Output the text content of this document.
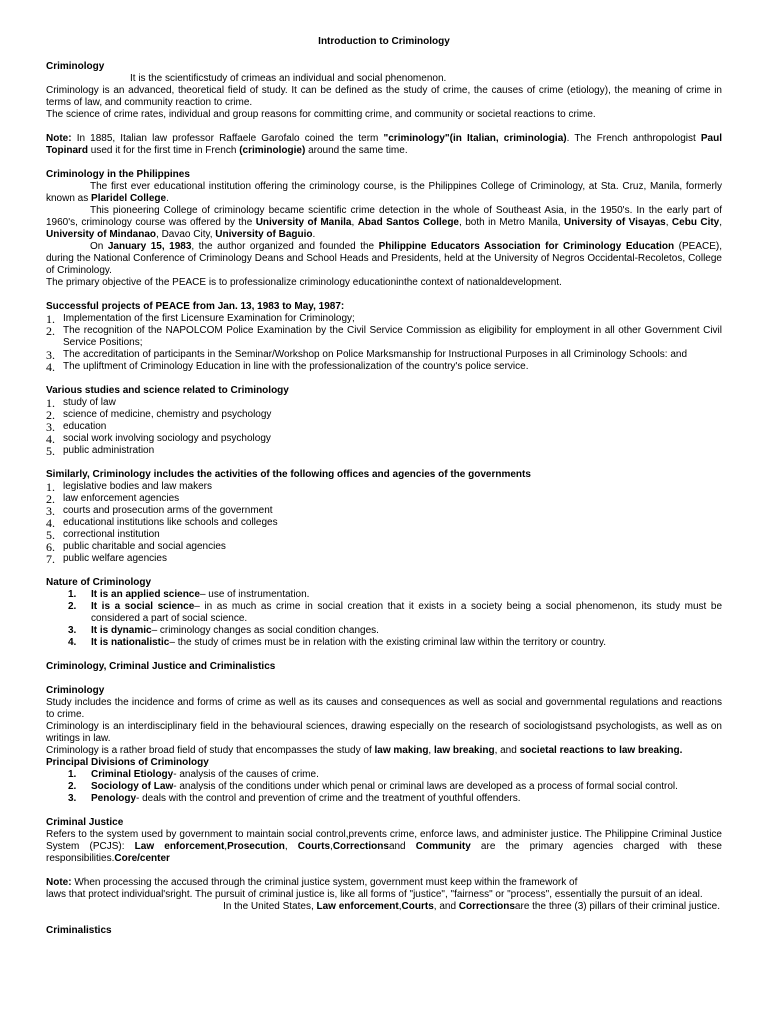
Introduction to Criminology
Criminology

It is the scientificstudy of crimeas an individual and social phenomenon.

Criminology is an advanced, theoretical field of study. It can be defined as the study of crime, the causes of crime (etiology), the meaning of crime in terms of law, and community reaction to crime.

The science of crime rates, individual and group reasons for committing crime, and community or societal reactions to crime.

Note: In 1885, Italian law professor Raffaele Garofalo coined the term "criminology"(in Italian, criminologia). The French anthropologist Paul Topinard used it for the first time in French (criminologie) around the same time.

Criminology in the Philippines

The first ever educational institution offering the criminology course, is the Philippines College of Criminology, at Sta. Cruz, Manila, formerly known as Plaridel College.

This pioneering College of criminology became scientific crime detection in the whole of Southeast Asia, in the 1950's. In the early part of 1960's, criminology course was offered by the University of Manila, Abad Santos College, both in Metro Manila, University of Visayas, Cebu City, University of Mindanao, Davao City, University of Baguio.

On January 15, 1983, the author organized and founded the Philippine Educators Association for Criminology Education (PEACE), during the National Conference of Criminology Deans and School Heads and Presidents, held at the University of Negros Occidental-Recoletos, College of Criminology.

The primary objective of the PEACE is to professionalize criminology educationinthe context of nationaldevelopment.

Successful projects of PEACE from Jan. 13, 1983 to May, 1987:
1. Implementation of the first Licensure Examination for Criminology;
2. The recognition of the NAPOLCOM Police Examination by the Civil Service Commission as eligibility for employment in all other Government Civil Service Positions;
3. The accreditation of participants in the Seminar/Workshop on Police Marksmanship for Instructional Purposes in all Criminology Schools: and
4. The upliftment of Criminology Education in line with the professionalization of the country's police service.
Various studies and science related to Criminology
1. study of law
2. science of medicine, chemistry and psychology
3. education
4. social work involving sociology and psychology
5. public administration
Similarly, Criminology includes the activities of the following offices and agencies of the governments
1. legislative bodies and law makers
2. law enforcement agencies
3. courts and prosecution arms of the government
4. educational institutions like schools and colleges
5. correctional institution
6. public charitable and social agencies
7. public welfare agencies
Nature of Criminology
1. It is an applied science– use of instrumentation.
2. It is a social science– in as much as crime in social creation that it exists in a society being a social phenomenon, its study must be considered a part of social science.
3. It is dynamic– criminology changes as social condition changes.
4. It is nationalistic– the study of crimes must be in relation with the existing criminal law within the territory or country.
Criminology, Criminal Justice and Criminalistics
Criminology

Study includes the incidence and forms of crime as well as its causes and consequences as well as social and governmental regulations and reactions to crime.

Criminology is an interdisciplinary field in the behavioural sciences, drawing especially on the research of sociologistsand psychologists, as well as on writings in law.

Criminology is a rather broad field of study that encompasses the study of law making, law breaking, and societal reactions to law breaking.

Principal Divisions of Criminology
1. Criminal Etiology- analysis of the causes of crime.
2. Sociology of Law- analysis of the conditions under which penal or criminal laws are developed as a process of formal social control.
3. Penology- deals with the control and prevention of crime and the treatment of youthful offenders.
Criminal Justice

Refers to the system used by government to maintain social control,prevents crime, enforce laws, and administer justice. The Philippine Criminal Justice System (PCJS): Law enforcement,Prosecution, Courts,Correctionsand Community are the primary agencies charged with these responsibilities.Core/center

Note: When processing the accused through the criminal justice system, government must keep within the framework of

laws that protect individual'sright. The pursuit of criminal justice is, like all forms of "justice", "fairness" or "process", essentially the pursuit of an ideal.

In the United States, Law enforcement,Courts, and Correctionsare the three (3) pillars of their criminal justice.

Criminalistics
